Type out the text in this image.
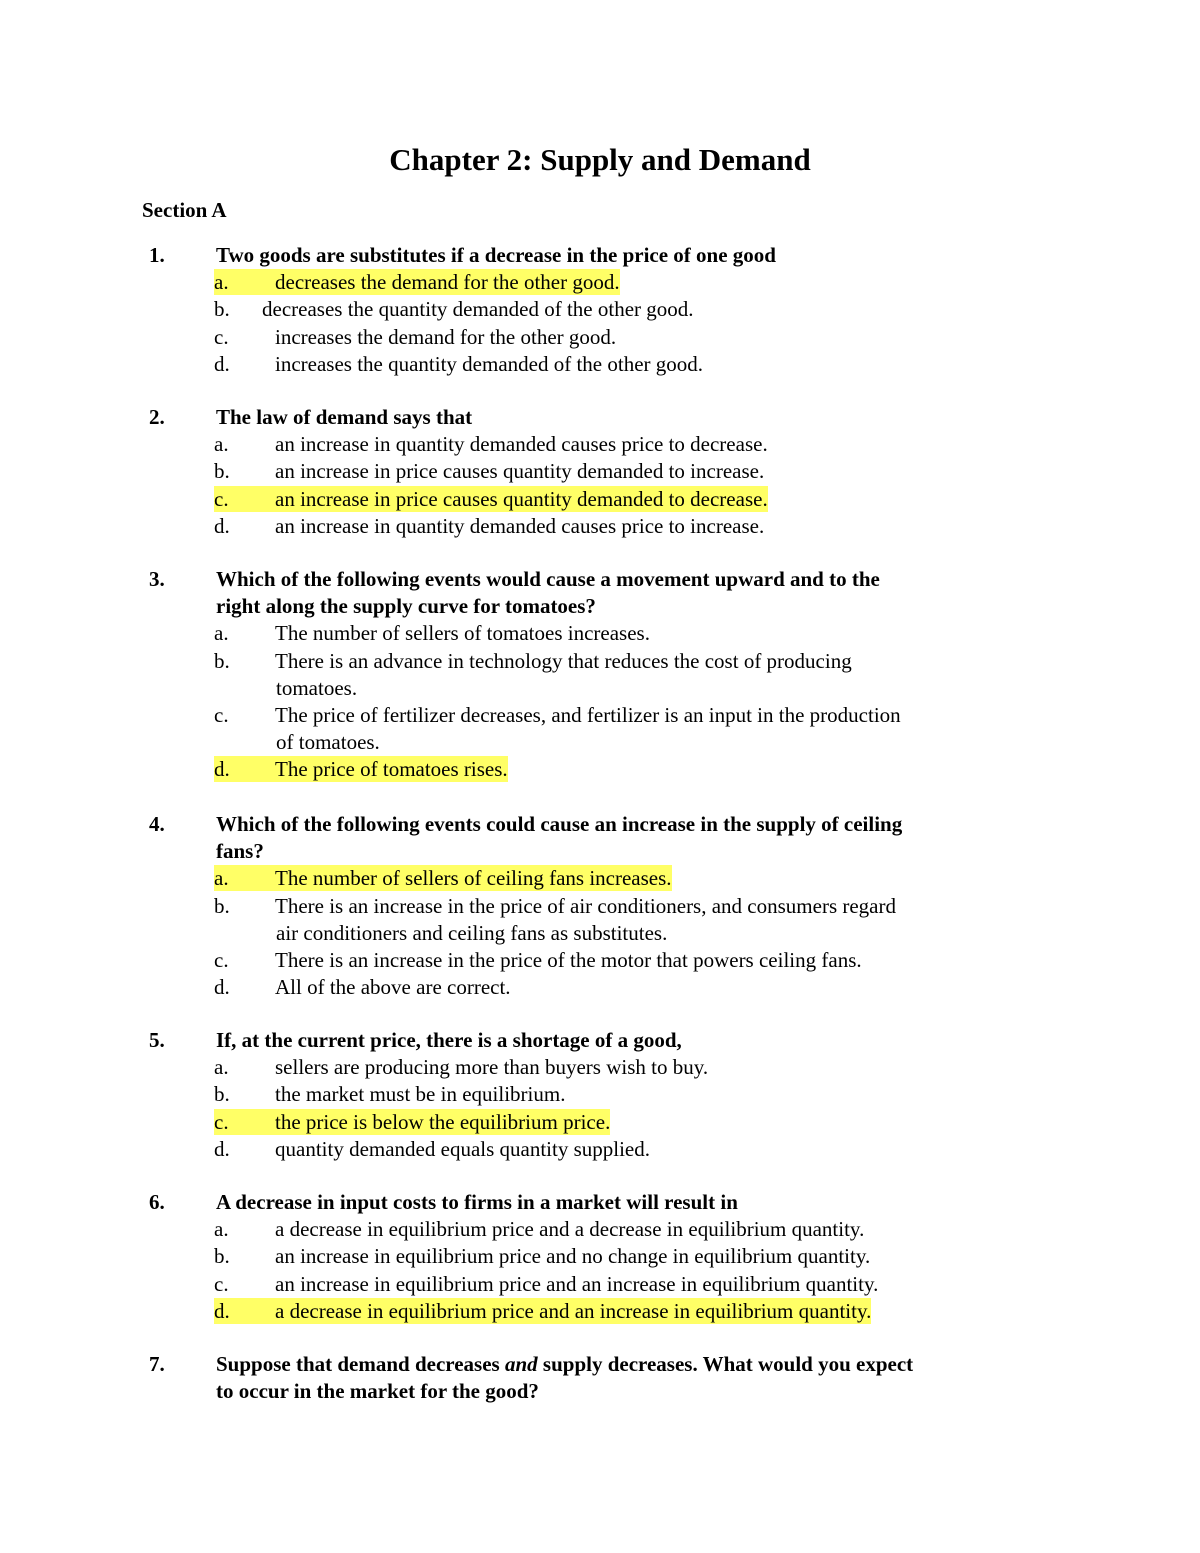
Chapter 2: Supply and Demand
Section A
1. Two goods are substitutes if a decrease in the price of one good
a. decreases the demand for the other good.
b. decreases the quantity demanded of the other good.
c. increases the demand for the other good.
d. increases the quantity demanded of the other good.
2. The law of demand says that
a. an increase in quantity demanded causes price to decrease.
b. an increase in price causes quantity demanded to increase.
c. an increase in price causes quantity demanded to decrease.
d. an increase in quantity demanded causes price to increase.
3. Which of the following events would cause a movement upward and to the
right along the supply curve for tomatoes?
a. The number of sellers of tomatoes increases.
b. There is an advance in technology that reduces the cost of producing
tomatoes.
c. The price of fertilizer decreases, and fertilizer is an input in the production
of tomatoes.
d. The price of tomatoes rises.
4. Which of the following events could cause an increase in the supply of ceiling
fans?
a. The number of sellers of ceiling fans increases.
b. There is an increase in the price of air conditioners, and consumers regard
air conditioners and ceiling fans as substitutes.
c. There is an increase in the price of the motor that powers ceiling fans.
d. All of the above are correct.
5. If, at the current price, there is a shortage of a good,
a. sellers are producing more than buyers wish to buy.
b. the market must be in equilibrium.
c. the price is below the equilibrium price.
d. quantity demanded equals quantity supplied.
6. A decrease in input costs to firms in a market will result in
a. a decrease in equilibrium price and a decrease in equilibrium quantity.
b. an increase in equilibrium price and no change in equilibrium quantity.
c. an increase in equilibrium price and an increase in equilibrium quantity.
d. a decrease in equilibrium price and an increase in equilibrium quantity.
7. Suppose that demand decreases and supply decreases. What would you expect
to occur in the market for the good?
